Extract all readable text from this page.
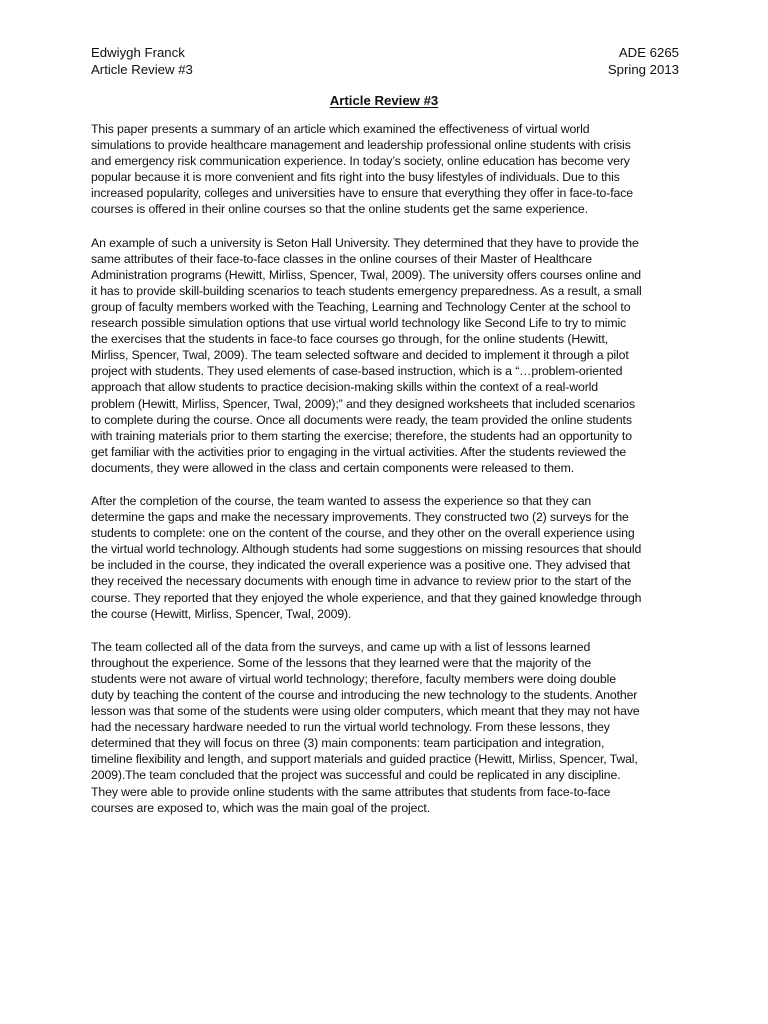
Edwiygh Franck	ADE 6265
Article Review #3	Spring 2013
Article Review #3

This paper presents a summary of an article which examined the effectiveness of virtual world
simulations to provide healthcare management and leadership professional online students with crisis
and emergency risk communication experience. In today’s society, online education has become very
popular because it is more convenient and fits right into the busy lifestyles of individuals. Due to this
increased popularity, colleges and universities have to ensure that everything they offer in face-to-face
courses is offered in their online courses so that the online students get the same experience.

An example of such a university is Seton Hall University. They determined that they have to provide the
same attributes of their face-to-face classes in the online courses of their Master of Healthcare
Administration programs (Hewitt, Mirliss, Spencer, Twal, 2009). The university offers courses online and
it has to provide skill-building scenarios to teach students emergency preparedness. As a result, a small
group of faculty members worked with the Teaching, Learning and Technology Center at the school to
research possible simulation options that use virtual world technology like Second Life to try to mimic
the exercises that the students in face-to face courses go through, for the online students (Hewitt,
Mirliss, Spencer, Twal, 2009). The team selected software and decided to implement it through a pilot
project with students. They used elements of case-based instruction, which is a “…problem-oriented
approach that allow students to practice decision-making skills within the context of a real-world
problem (Hewitt, Mirliss, Spencer, Twal, 2009);” and they designed worksheets that included scenarios
to complete during the course. Once all documents were ready, the team provided the online students
with training materials prior to them starting the exercise; therefore, the students had an opportunity to
get familiar with the activities prior to engaging in the virtual activities. After the students reviewed the
documents, they were allowed in the class and certain components were released to them.

After the completion of the course, the team wanted to assess the experience so that they can
determine the gaps and make the necessary improvements. They constructed two (2) surveys for the
students to complete: one on the content of the course, and they other on the overall experience using
the virtual world technology. Although students had some suggestions on missing resources that should
be included in the course, they indicated the overall experience was a positive one. They advised that
they received the necessary documents with enough time in advance to review prior to the start of the
course. They reported that they enjoyed the whole experience, and that they gained knowledge through
the course (Hewitt, Mirliss, Spencer, Twal, 2009).

The team collected all of the data from the surveys, and came up with a list of lessons learned
throughout the experience. Some of the lessons that they learned were that the majority of the
students were not aware of virtual world technology; therefore, faculty members were doing double
duty by teaching the content of the course and introducing the new technology to the students. Another
lesson was that some of the students were using older computers, which meant that they may not have
had the necessary hardware needed to run the virtual world technology. From these lessons, they
determined that they will focus on three (3) main components: team participation and integration,
timeline flexibility and length, and support materials and guided practice (Hewitt, Mirliss, Spencer, Twal,
2009).The team concluded that the project was successful and could be replicated in any discipline.
They were able to provide online students with the same attributes that students from face-to-face
courses are exposed to, which was the main goal of the project.
